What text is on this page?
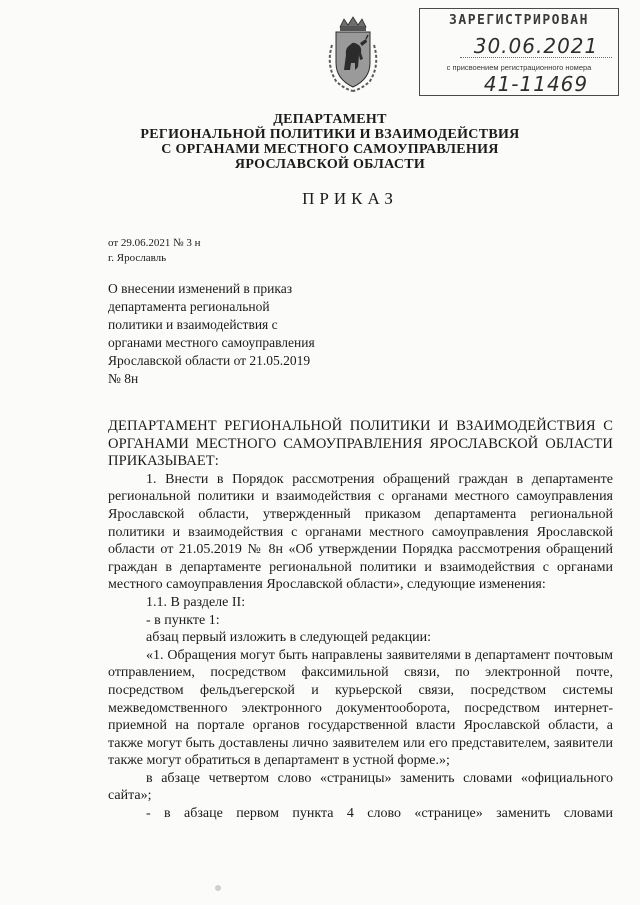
ЗАРЕГИСТРИРОВАН
30.06.2021
с присвоением регистрационного номера
41-11469
ДЕПАРТАМЕНТ
РЕГИОНАЛЬНОЙ ПОЛИТИКИ И ВЗАИМОДЕЙСТВИЯ
С ОРГАНАМИ МЕСТНОГО САМОУПРАВЛЕНИЯ
ЯРОСЛАВСКОЙ ОБЛАСТИ
ПРИКАЗ
от 29.06.2021 № 3 н
г. Ярославль
О внесении изменений в приказ департамента региональной политики и взаимодействия с органами местного самоуправления Ярославской области от 21.05.2019 № 8н

ДЕПАРТАМЕНТ РЕГИОНАЛЬНОЙ ПОЛИТИКИ И ВЗАИМОДЕЙСТВИЯ С ОРГАНАМИ МЕСТНОГО САМОУПРАВЛЕНИЯ ЯРОСЛАВСКОЙ ОБЛАСТИ ПРИКАЗЫВАЕТ:

1. Внести в Порядок рассмотрения обращений граждан в департаменте региональной политики и взаимодействия с органами местного самоуправления Ярославской области, утвержденный приказом департамента региональной политики и взаимодействия с органами местного самоуправления Ярославской области от 21.05.2019 № 8н «Об утверждении Порядка рассмотрения обращений граждан в департаменте региональной политики и взаимодействия с органами местного самоуправления Ярославской области», следующие изменения:

1.1. В разделе II:

- в пункте 1:

абзац первый изложить в следующей редакции:

«1. Обращения могут быть направлены заявителями в департамент почтовым отправлением, посредством факсимильной связи, по электронной почте, посредством фельдъегерской и курьерской связи, посредством системы межведомственного электронного документооборота, посредством интернет-приемной на портале органов государственной власти Ярославской области, а также могут быть доставлены лично заявителем или его представителем, заявители также могут обратиться в департамент в устной форме.»;

в абзаце четвертом слово «страницы» заменить словами «официального сайта»;

- в абзаце первом пункта 4 слово «странице» заменить словами
